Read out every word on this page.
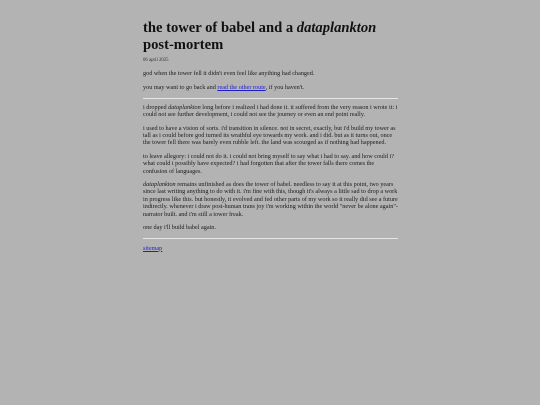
the tower of babel and a dataplankton post-mortem
06 april 2025

god when the tower fell it didn't even feel like anything had changed.

you may want to go back and read the other route, if you haven't.

i dropped dataplankton long before i realized i had done it. it suffered from the very reason i wrote it: i could not see further development, i could not see the journey or even an end point really.

i used to have a vision of sorts. i'd transition in silence. not in secret, exactly, but i'd build my tower as tall as i could before god turned its wrathful eye towards my work. and i did. but as it turns out, once the tower fell there was barely even rubble left. the land was scourged as if nothing had happened.

to leave allegory: i could not do it. i could not bring myself to say what i had to say. and how could i? what could i possibly have expected? i had forgotten that after the tower falls there comes the confusion of languages.

dataplankton remains unfinished as does the tower of babel. needless to say it at this point, two years since last writing anything to do with it. i'm fine with this, though it's always a little sad to drop a work in progress like this. but honestly, it evolved and fed other parts of my work so it really did see a future indirectly. whenever i draw post-human trans joy i'm working within the world "never be alone again"-narrator built. and i'm still a tower freak.

one day i'll build babel again.

sitemap
